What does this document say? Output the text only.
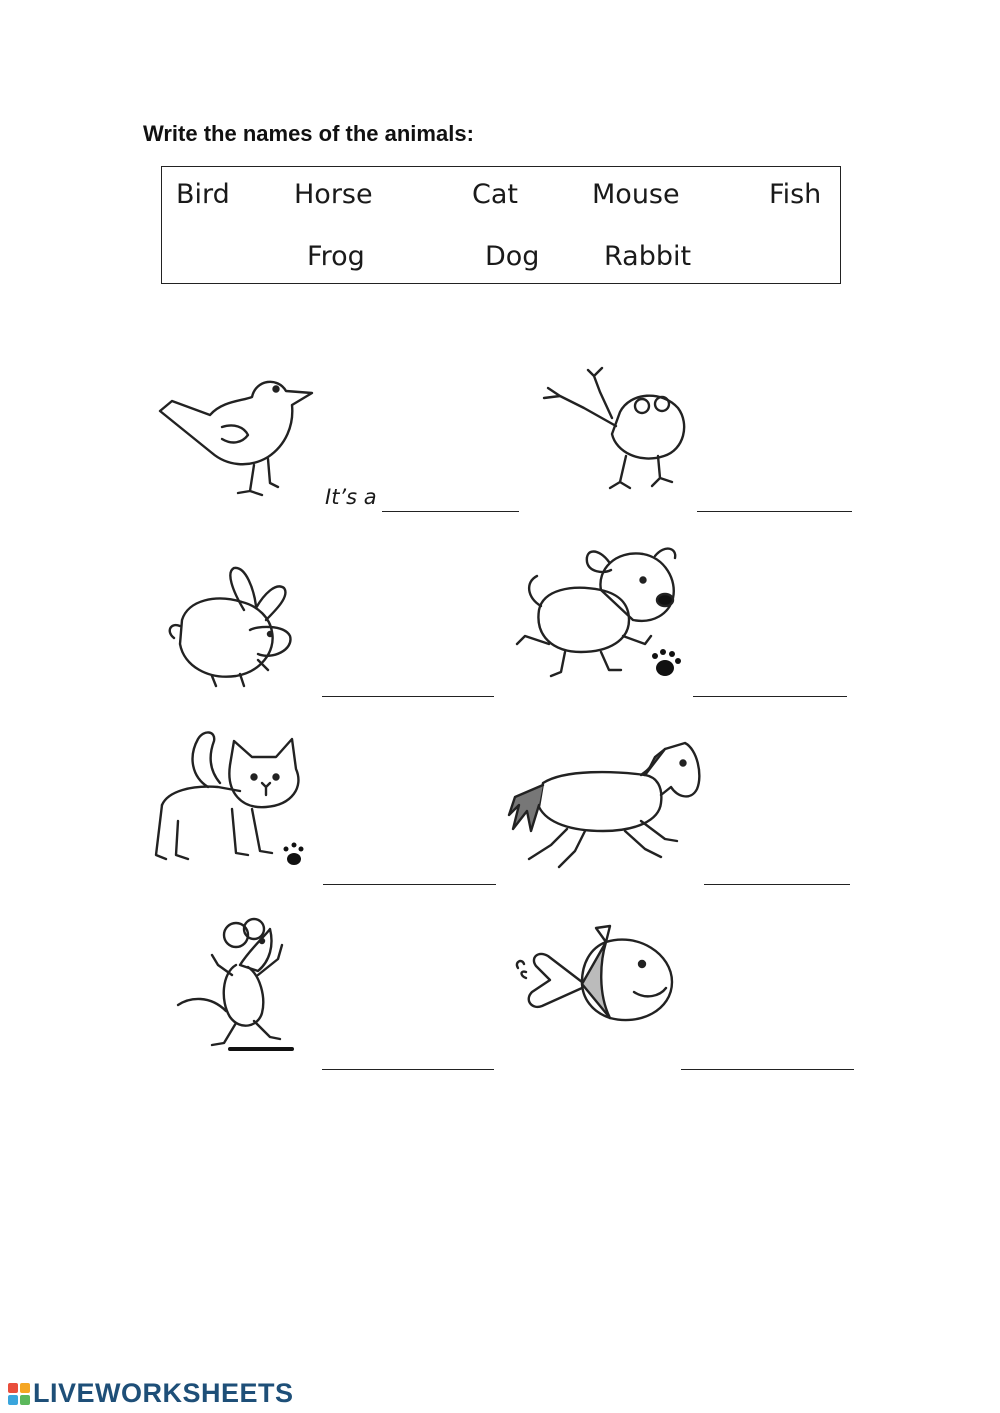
Write the names of the animals:
Bird Horse	Cat	Mouse	Fish
Frog	Dog Rabbit
It’s a
LIVEWORKSHEETS
